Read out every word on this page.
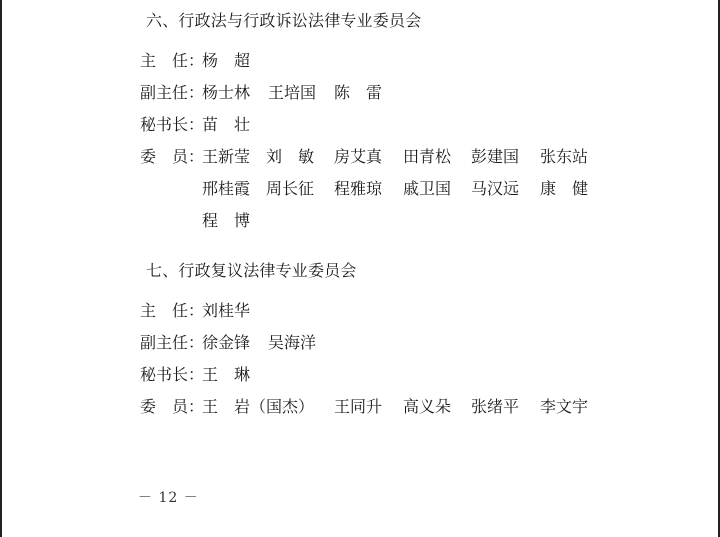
六、行政法与行政诉讼法律专业委员会
主　任：
杨　超
副主任：
杨士林 王培国 陈　雷
秘书长：
苗　壮
委　员：
王新莹 刘　敏 房艾真 田青松 彭建国 张东站
邢桂霞 周长征 程雅琼 戚卫国 马汉远 康　健
程　博
七、行政复议法律专业委员会
主　任：
刘桂华
副主任：
徐金锋 吴海洋
秘书长：
王　琳
委　员：
王　岩（国杰） 王同升 高义朵 张绪平 李文宇
－ 12 －
